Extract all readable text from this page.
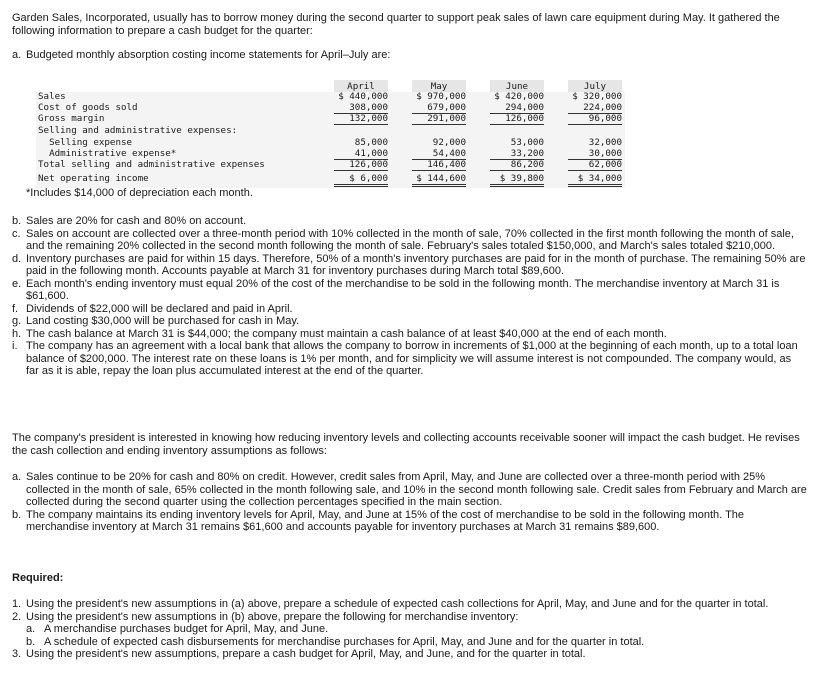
Garden Sales, Incorporated, usually has to borrow money during the second quarter to support peak sales of lawn care equipment during May. It gathered the following information to prepare a cash budget for the quarter:

a. Budgeted monthly absorption costing income statements for April–July are:
April	May	June	July
Sales	$ 440,000	$ 970,000	$ 420,000	$ 320,000
Cost of goods sold	308,000	679,000	294,000	224,000
Gross margin	132,000	291,000	126,000	96,000
Selling and administrative expenses:
Selling expense	85,000	92,000	53,000	32,000
Administrative expense*	41,000	54,400	33,200	30,000
Total selling and administrative expenses	126,000	146,400	86,200	62,000
Net operating income	$ 6,000	$ 144,600	$ 39,800	$ 34,000

*Includes $14,000 of depreciation each month.

b. Sales are 20% for cash and 80% on account.
c. Sales on account are collected over a three-month period with 10% collected in the month of sale, 70% collected in the first month following the month of sale, and the remaining 20% collected in the second month following the month of sale. February's sales totaled $150,000, and March's sales totaled $210,000.
d. Inventory purchases are paid for within 15 days. Therefore, 50% of a month's inventory purchases are paid for in the month of purchase. The remaining 50% are paid in the following month. Accounts payable at March 31 for inventory purchases during March total $89,600.
e. Each month's ending inventory must equal 20% of the cost of the merchandise to be sold in the following month. The merchandise inventory at March 31 is $61,600.
f. Dividends of $22,000 will be declared and paid in April.
g. Land costing $30,000 will be purchased for cash in May.
h. The cash balance at March 31 is $44,000; the company must maintain a cash balance of at least $40,000 at the end of each month.
i. The company has an agreement with a local bank that allows the company to borrow in increments of $1,000 at the beginning of each month, up to a total loan balance of $200,000. The interest rate on these loans is 1% per month, and for simplicity we will assume interest is not compounded. The company would, as far as it is able, repay the loan plus accumulated interest at the end of the quarter.

The company's president is interested in knowing how reducing inventory levels and collecting accounts receivable sooner will impact the cash budget. He revises the cash collection and ending inventory assumptions as follows:

a. Sales continue to be 20% for cash and 80% on credit. However, credit sales from April, May, and June are collected over a three-month period with 25% collected in the month of sale, 65% collected in the month following sale, and 10% in the second month following sale. Credit sales from February and March are collected during the second quarter using the collection percentages specified in the main section.
b. The company maintains its ending inventory levels for April, May, and June at 15% of the cost of merchandise to be sold in the following month. The merchandise inventory at March 31 remains $61,600 and accounts payable for inventory purchases at March 31 remains $89,600.

Required:

1. Using the president's new assumptions in (a) above, prepare a schedule of expected cash collections for April, May, and June and for the quarter in total.
2. Using the president's new assumptions in (b) above, prepare the following for merchandise inventory:
a. A merchandise purchases budget for April, May, and June.
b. A schedule of expected cash disbursements for merchandise purchases for April, May, and June and for the quarter in total.
3. Using the president's new assumptions, prepare a cash budget for April, May, and June, and for the quarter in total.
